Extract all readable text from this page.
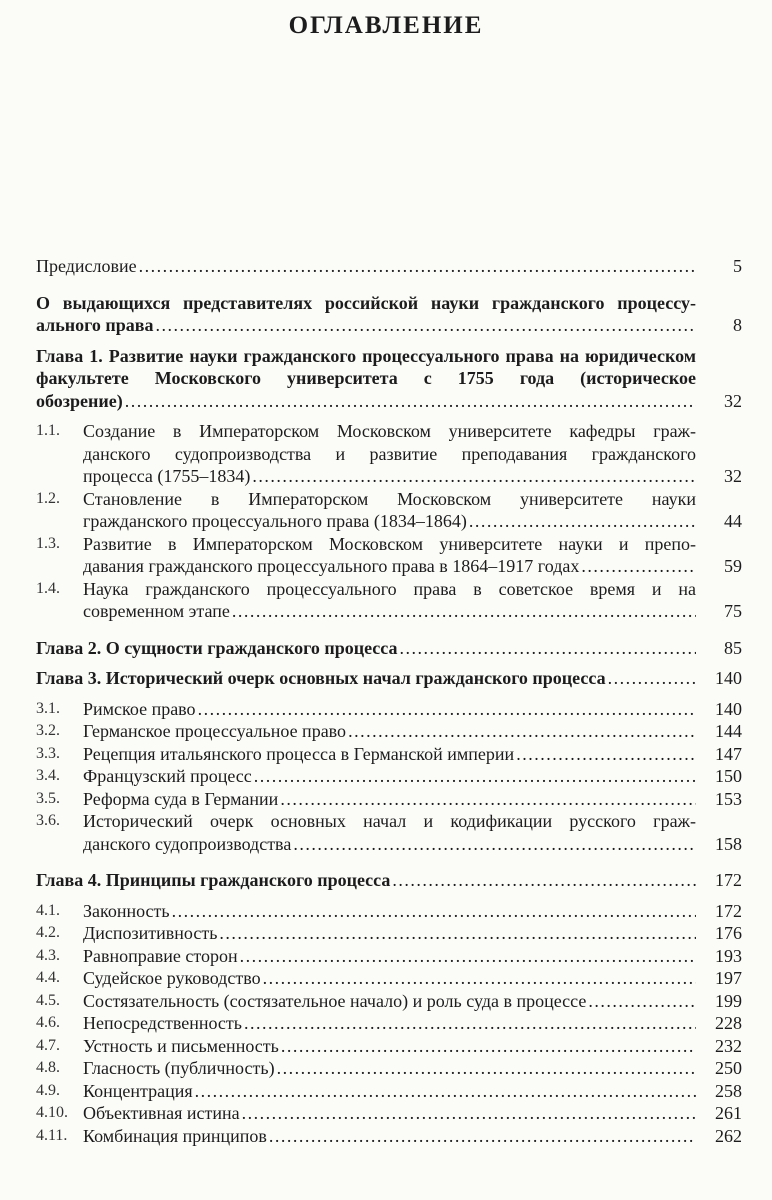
ОГЛАВЛЕНИЕ
Предисловие . . .	5
О выдающихся представителях российской науки гражданского процессу-
ального права . . .	8
Глава 1. Развитие науки гражданского процессуального права на юридическом
факультете Московского университета с 1755 года (историческое
обозрение) . . .	32
1.1.	Создание в Императорском Московском университете кафедры граж-
данского судопроизводства и развитие преподавания гражданского
процесса (1755–1834) . . .	32
1.2.	Становление в Императорском Московском университете науки
гражданского процессуального права (1834–1864) . . .	44
1.3.	Развитие в Императорском Московском университете науки и препо-
давания гражданского процессуального права в 1864–1917 годах . . .	59
1.4.	Наука гражданского процессуального права в советское время и на
современном этапе . . .	75
Глава 2. О сущности гражданского процесса . . .	85
Глава 3. Исторический очерк основных начал гражданского процесса . . .	140
3.1.	Римское право . . .	140
3.2.	Германское процессуальное право . . .	144
3.3.	Рецепция итальянского процесса в Германской империи . . .	147
3.4.	Французский процесс . . .	150
3.5.	Реформа суда в Германии . . .	153
3.6.	Исторический очерк основных начал и кодификации русского граж-
данского судопроизводства . . .	158
Глава 4. Принципы гражданского процесса . . .	172
4.1.	Законность . . .	172
4.2.	Диспозитивность . . .	176
4.3.	Равноправие сторон . . .	193
4.4.	Судейское руководство . . .	197
4.5.	Состязательность (состязательное начало) и роль суда в процессе . . .	199
4.6.	Непосредственность . . .	228
4.7.	Устность и письменность . . .	232
4.8.	Гласность (публичность) . . .	250
4.9.	Концентрация . . .	258
4.10. Объективная истина . . .	261
4.11. Комбинация принципов . . .	262
